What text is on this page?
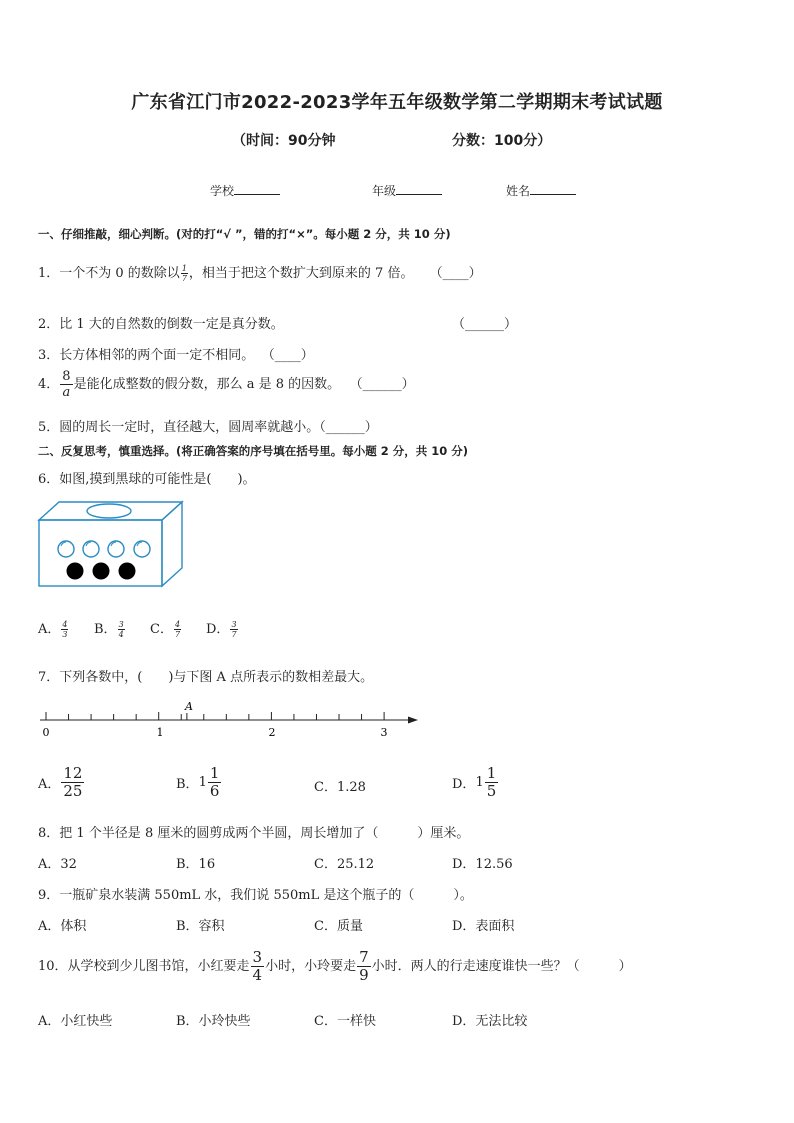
广东省江门市2022-2023学年五年级数学第二学期期末考试试题
（时间：90分钟	分数：100分）
学校	年级	姓名
一、仔细推敲，细心判断。(对的打“√ ”，错的打“×”。每小题 2 分，共 10 分)
1．一个不为 0 的数除以 $\frac{1}{7}$ ，相当于把这个数扩大到原来的 7 倍。 （____）
2．比 1 大的自然数的倒数一定是真分数。	（______）
3．长方体相邻的两个面一定不相同。 （____）
4． $\frac{8}{a}$ 是能化成整数的假分数，那么 a 是 8 的因数。 （______）
5．圆的周长一定时，直径越大，圆周率就越小。（______）
二、反复思考，慎重选择。(将正确答案的序号填在括号里。每小题 2 分，共 10 分)
6．如图,摸到黑球的可能性是(　　)。
A． $\frac{4}{3}$ B． $\frac{3}{4}$ C． $\frac{4}{7}$ D． $\frac{3}{7}$
7．下列各数中，(　　)与下图 A 点所表示的数相差最大。
0	1	2	3
A
A． $\frac{12}{25}$	B．$1 \frac{1}{6}$	C．1.28	D．$1 \frac{1}{5}$
8．把 1 个半径是 8 厘米的圆剪成两个半圆，周长增加了（　　　）厘米。
A．32	B．16	C．25.12	D．12.56
9．一瓶矿泉水装满 550mL 水，我们说 550mL 是这个瓶子的（　　　）。
A．体积	B．容积	C．质量	D．表面积
10．从学校到少儿图书馆，小红要走 $\frac{3}{4}$ 小时，小玲要走 $\frac{7}{9}$ 小时．两人的行走速度谁快一些？（　　　）
A．小红快些	B．小玲快些	C．一样快	D．无法比较
